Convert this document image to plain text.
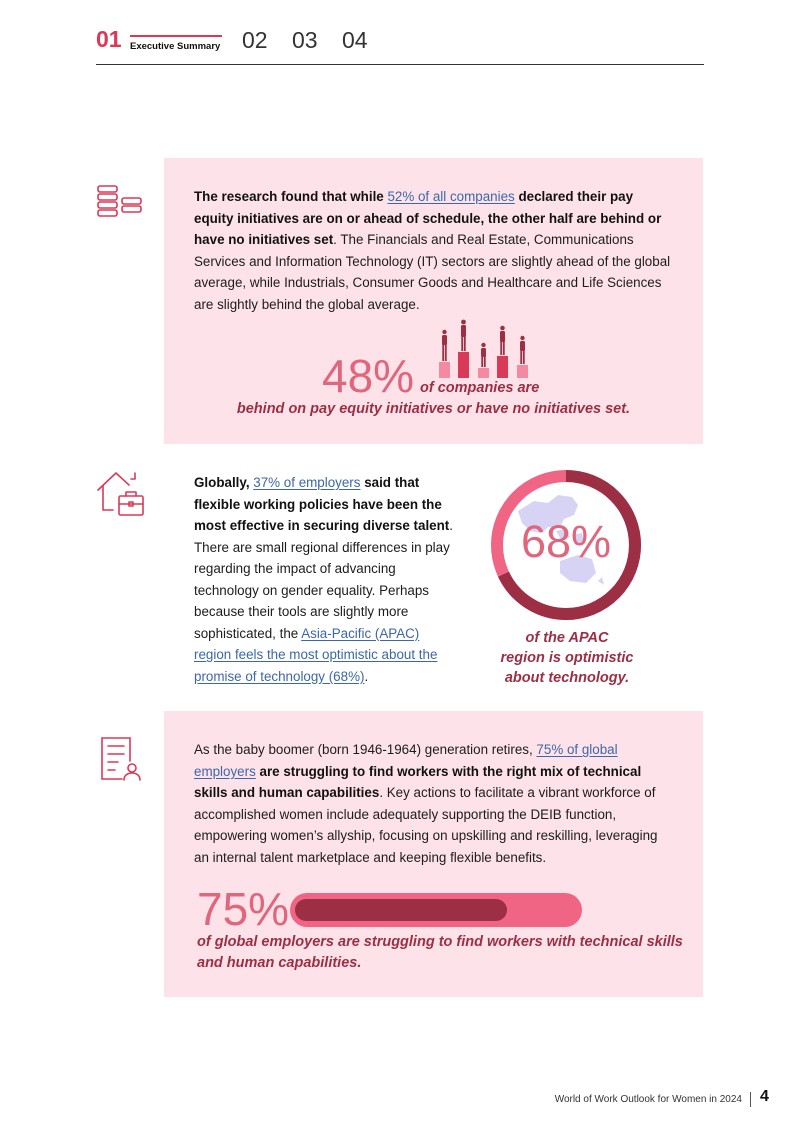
01 Executive Summary 02 03 04
The research found that while 52% of all companies declared their pay equity initiatives are on or ahead of schedule, the other half are behind or have no initiatives set. The Financials and Real Estate, Communications Services and Information Technology (IT) sectors are slightly ahead of the global average, while Industrials, Consumer Goods and Healthcare and Life Sciences are slightly behind the global average.
48% of companies are
behind on pay equity initiatives or have no initiatives set.
Globally, 37% of employers said that flexible working policies have been the most effective in securing diverse talent. There are small regional differences in play regarding the impact of advancing technology on gender equality. Perhaps because their tools are slightly more sophisticated, the Asia-Pacific (APAC) region feels the most optimistic about the promise of technology (68%).
68%
of the APAC
region is optimistic
about technology.
As the baby boomer (born 1946-1964) generation retires, 75% of global employers are struggling to find workers with the right mix of technical skills and human capabilities. Key actions to facilitate a vibrant workforce of accomplished women include adequately supporting the DEIB function, empowering women’s allyship, focusing on upskilling and reskilling, leveraging an internal talent marketplace and keeping flexible benefits.
75%
of global employers are struggling to find workers with technical skills and human capabilities.
World of Work Outlook for Women in 2024 4
